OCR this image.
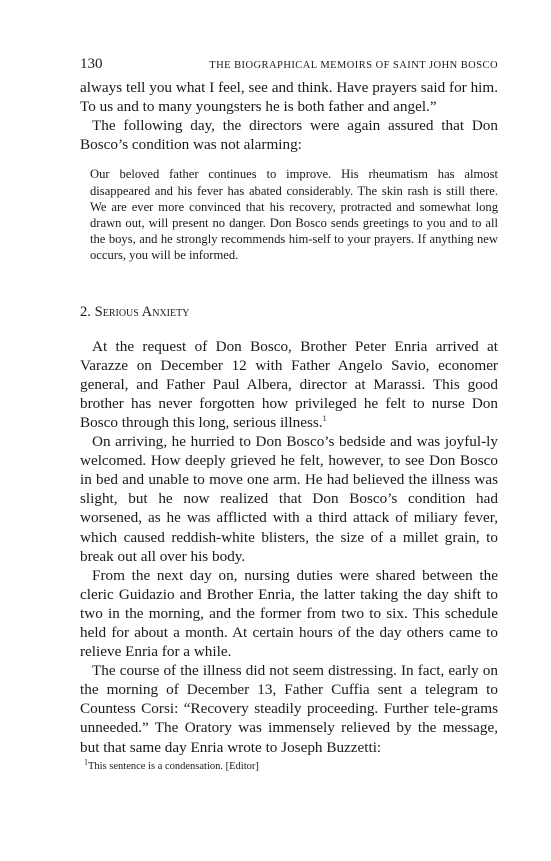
130	THE BIOGRAPHICAL MEMOIRS OF SAINT JOHN BOSCO

always tell you what I feel, see and think. Have prayers said for him. To us and to many youngsters he is both father and angel.”

The following day, the directors were again assured that Don Bosco’s condition was not alarming:

Our beloved father continues to improve. His rheumatism has almost disappeared and his fever has abated considerably. The skin rash is still there. We are ever more convinced that his recovery, protracted and somewhat long drawn out, will present no danger. Don Bosco sends greetings to you and to all the boys, and he strongly recommends him-self to your prayers. If anything new occurs, you will be informed.

2. Serious Anxiety

At the request of Don Bosco, Brother Peter Enria arrived at Varazze on December 12 with Father Angelo Savio, economer general, and Father Paul Albera, director at Marassi. This good brother has never forgotten how privileged he felt to nurse Don Bosco through this long, serious illness.$^1$

On arriving, he hurried to Don Bosco’s bedside and was joyful-ly welcomed. How deeply grieved he felt, however, to see Don Bosco in bed and unable to move one arm. He had believed the illness was slight, but he now realized that Don Bosco’s condition had worsened, as he was afflicted with a third attack of miliary fever, which caused reddish-white blisters, the size of a millet grain, to break out all over his body.

From the next day on, nursing duties were shared between the cleric Guidazio and Brother Enria, the latter taking the day shift to two in the morning, and the former from two to six. This schedule held for about a month. At certain hours of the day others came to relieve Enria for a while.

The course of the illness did not seem distressing. In fact, early on the morning of December 13, Father Cuffia sent a telegram to Countess Corsi: “Recovery steadily proceeding. Further tele-grams unneeded.” The Oratory was immensely relieved by the message, but that same day Enria wrote to Joseph Buzzetti:

$^1$This sentence is a condensation. [Editor]
·
